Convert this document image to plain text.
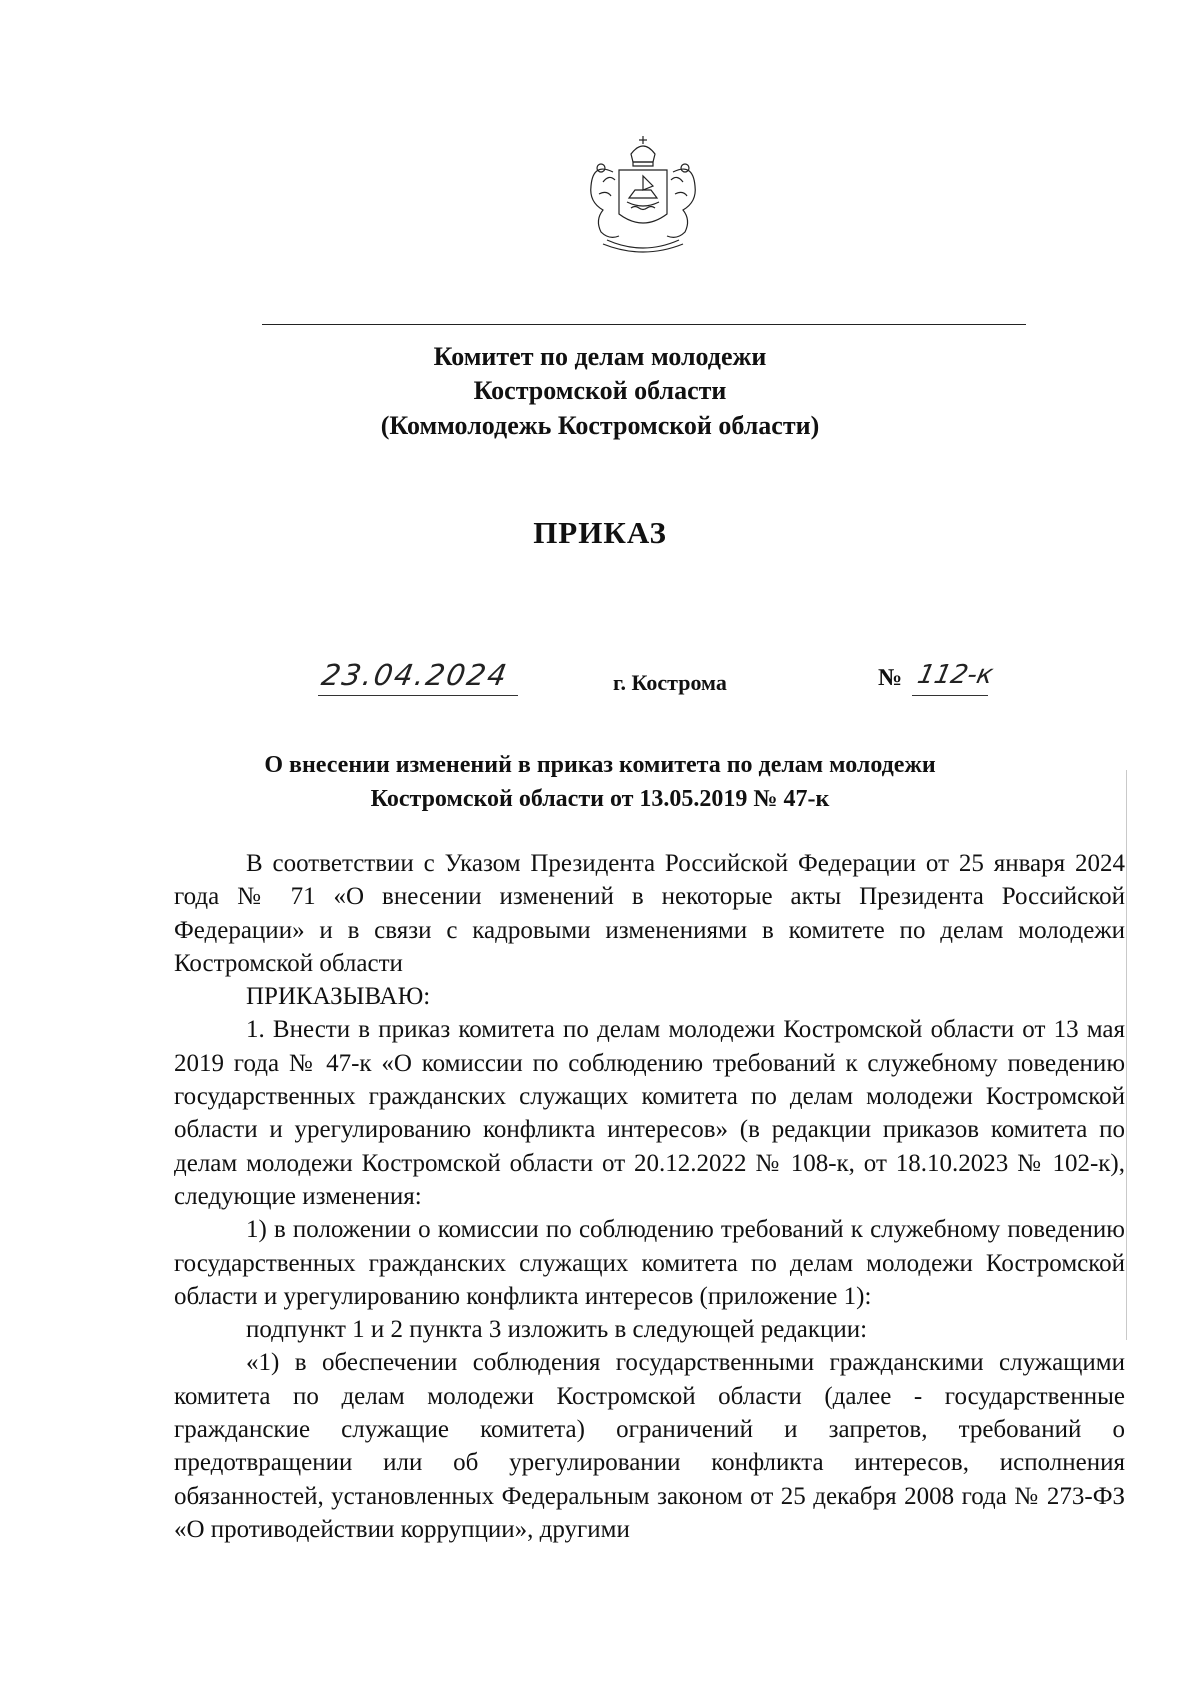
Комитет по делам молодежи
Костромской области
(Коммолодежь Костромской области)
ПРИКАЗ
23.04.2024	г. Кострома	№ 112-к
О внесении изменений в приказ комитета по делам молодежи
Костромской области от 13.05.2019 № 47-к

В соответствии с Указом Президента Российской Федерации от 25 января 2024 года № 71 «О внесении изменений в некоторые акты Президента Российской Федерации» и в связи с кадровыми изменениями в комитете по делам молодежи Костромской области

ПРИКАЗЫВАЮ:

1. Внести в приказ комитета по делам молодежи Костромской области от 13 мая 2019 года № 47-к «О комиссии по соблюдению требований к служебному поведению государственных гражданских служащих комитета по делам молодежи Костромской области и урегулированию конфликта интересов» (в редакции приказов комитета по делам молодежи Костромской области от 20.12.2022 № 108-к, от 18.10.2023 № 102-к), следующие изменения:

1) в положении о комиссии по соблюдению требований к служебному поведению государственных гражданских служащих комитета по делам молодежи Костромской области и урегулированию конфликта интересов (приложение 1):

подпункт 1 и 2 пункта 3 изложить в следующей редакции:

«1) в обеспечении соблюдения государственными гражданскими служащими комитета по делам молодежи Костромской области (далее - государственные гражданские служащие комитета) ограничений и запретов, требований о предотвращении или об урегулировании конфликта интересов, исполнения обязанностей, установленных Федеральным законом от 25 декабря 2008 года № 273-ФЗ «О противодействии коррупции», другими
